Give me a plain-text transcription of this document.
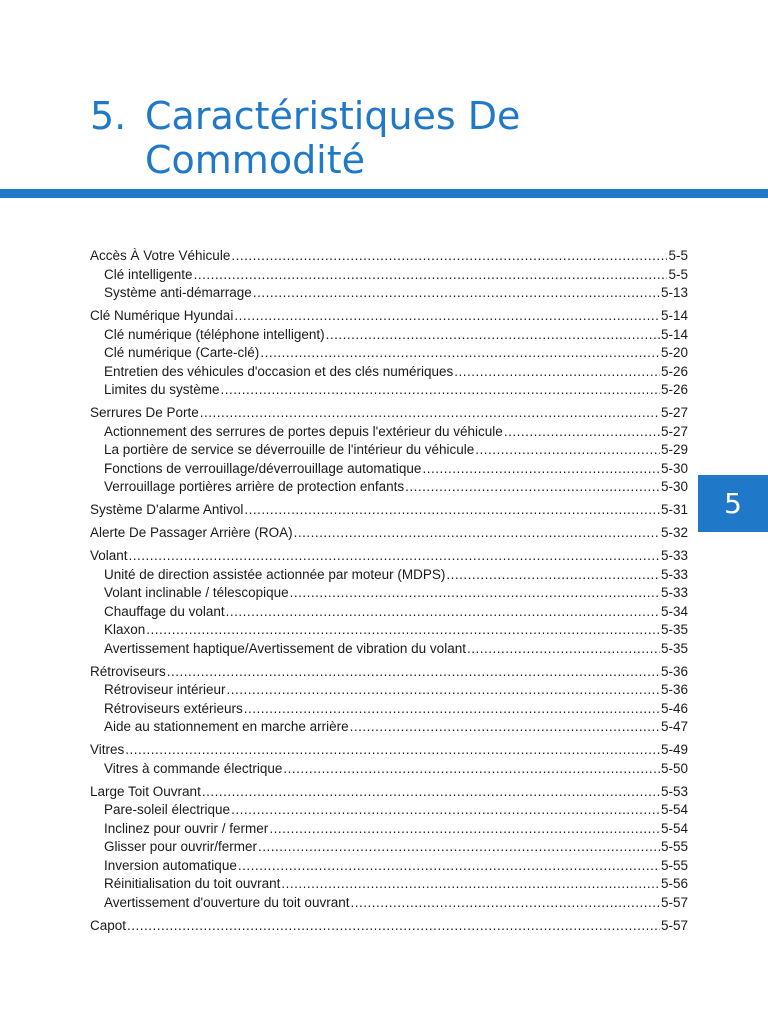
5. Caractéristiques De Commodité
5
Accès À Votre Véhicule .....	5-5
Clé intelligente .....	5-5
Système anti-démarrage .....	5-13
Clé Numérique Hyundai .....	5-14
Clé numérique (téléphone intelligent) .....	5-14
Clé numérique (Carte-clé) .....	5-20
Entretien des véhicules d'occasion et des clés numériques .....	5-26
Limites du système .....	5-26
Serrures De Porte .....	5-27
Actionnement des serrures de portes depuis l'extérieur du véhicule .....	5-27
La portière de service se déverrouille de l'intérieur du véhicule .....	5-29
Fonctions de verrouillage/déverrouillage automatique .....	5-30
Verrouillage portières arrière de protection enfants .....	5-30
Système D'alarme Antivol .....	5-31
Alerte De Passager Arrière (ROA) .....	5-32
Volant .....	5-33
Unité de direction assistée actionnée par moteur (MDPS) .....	5-33
Volant inclinable / télescopique .....	5-33
Chauffage du volant .....	5-34
Klaxon .....	5-35
Avertissement haptique/Avertissement de vibration du volant .....	5-35
Rétroviseurs .....	5-36
Rétroviseur intérieur .....	5-36
Rétroviseurs extérieurs .....	5-46
Aide au stationnement en marche arrière .....	5-47
Vitres .....	5-49
Vitres à commande électrique .....	5-50
Large Toit Ouvrant .....	5-53
Pare-soleil électrique .....	5-54
Inclinez pour ouvrir / fermer .....	5-54
Glisser pour ouvrir/fermer .....	5-55
Inversion automatique .....	5-55
Réinitialisation du toit ouvrant .....	5-56
Avertissement d'ouverture du toit ouvrant .....	5-57
Capot .....	5-57
